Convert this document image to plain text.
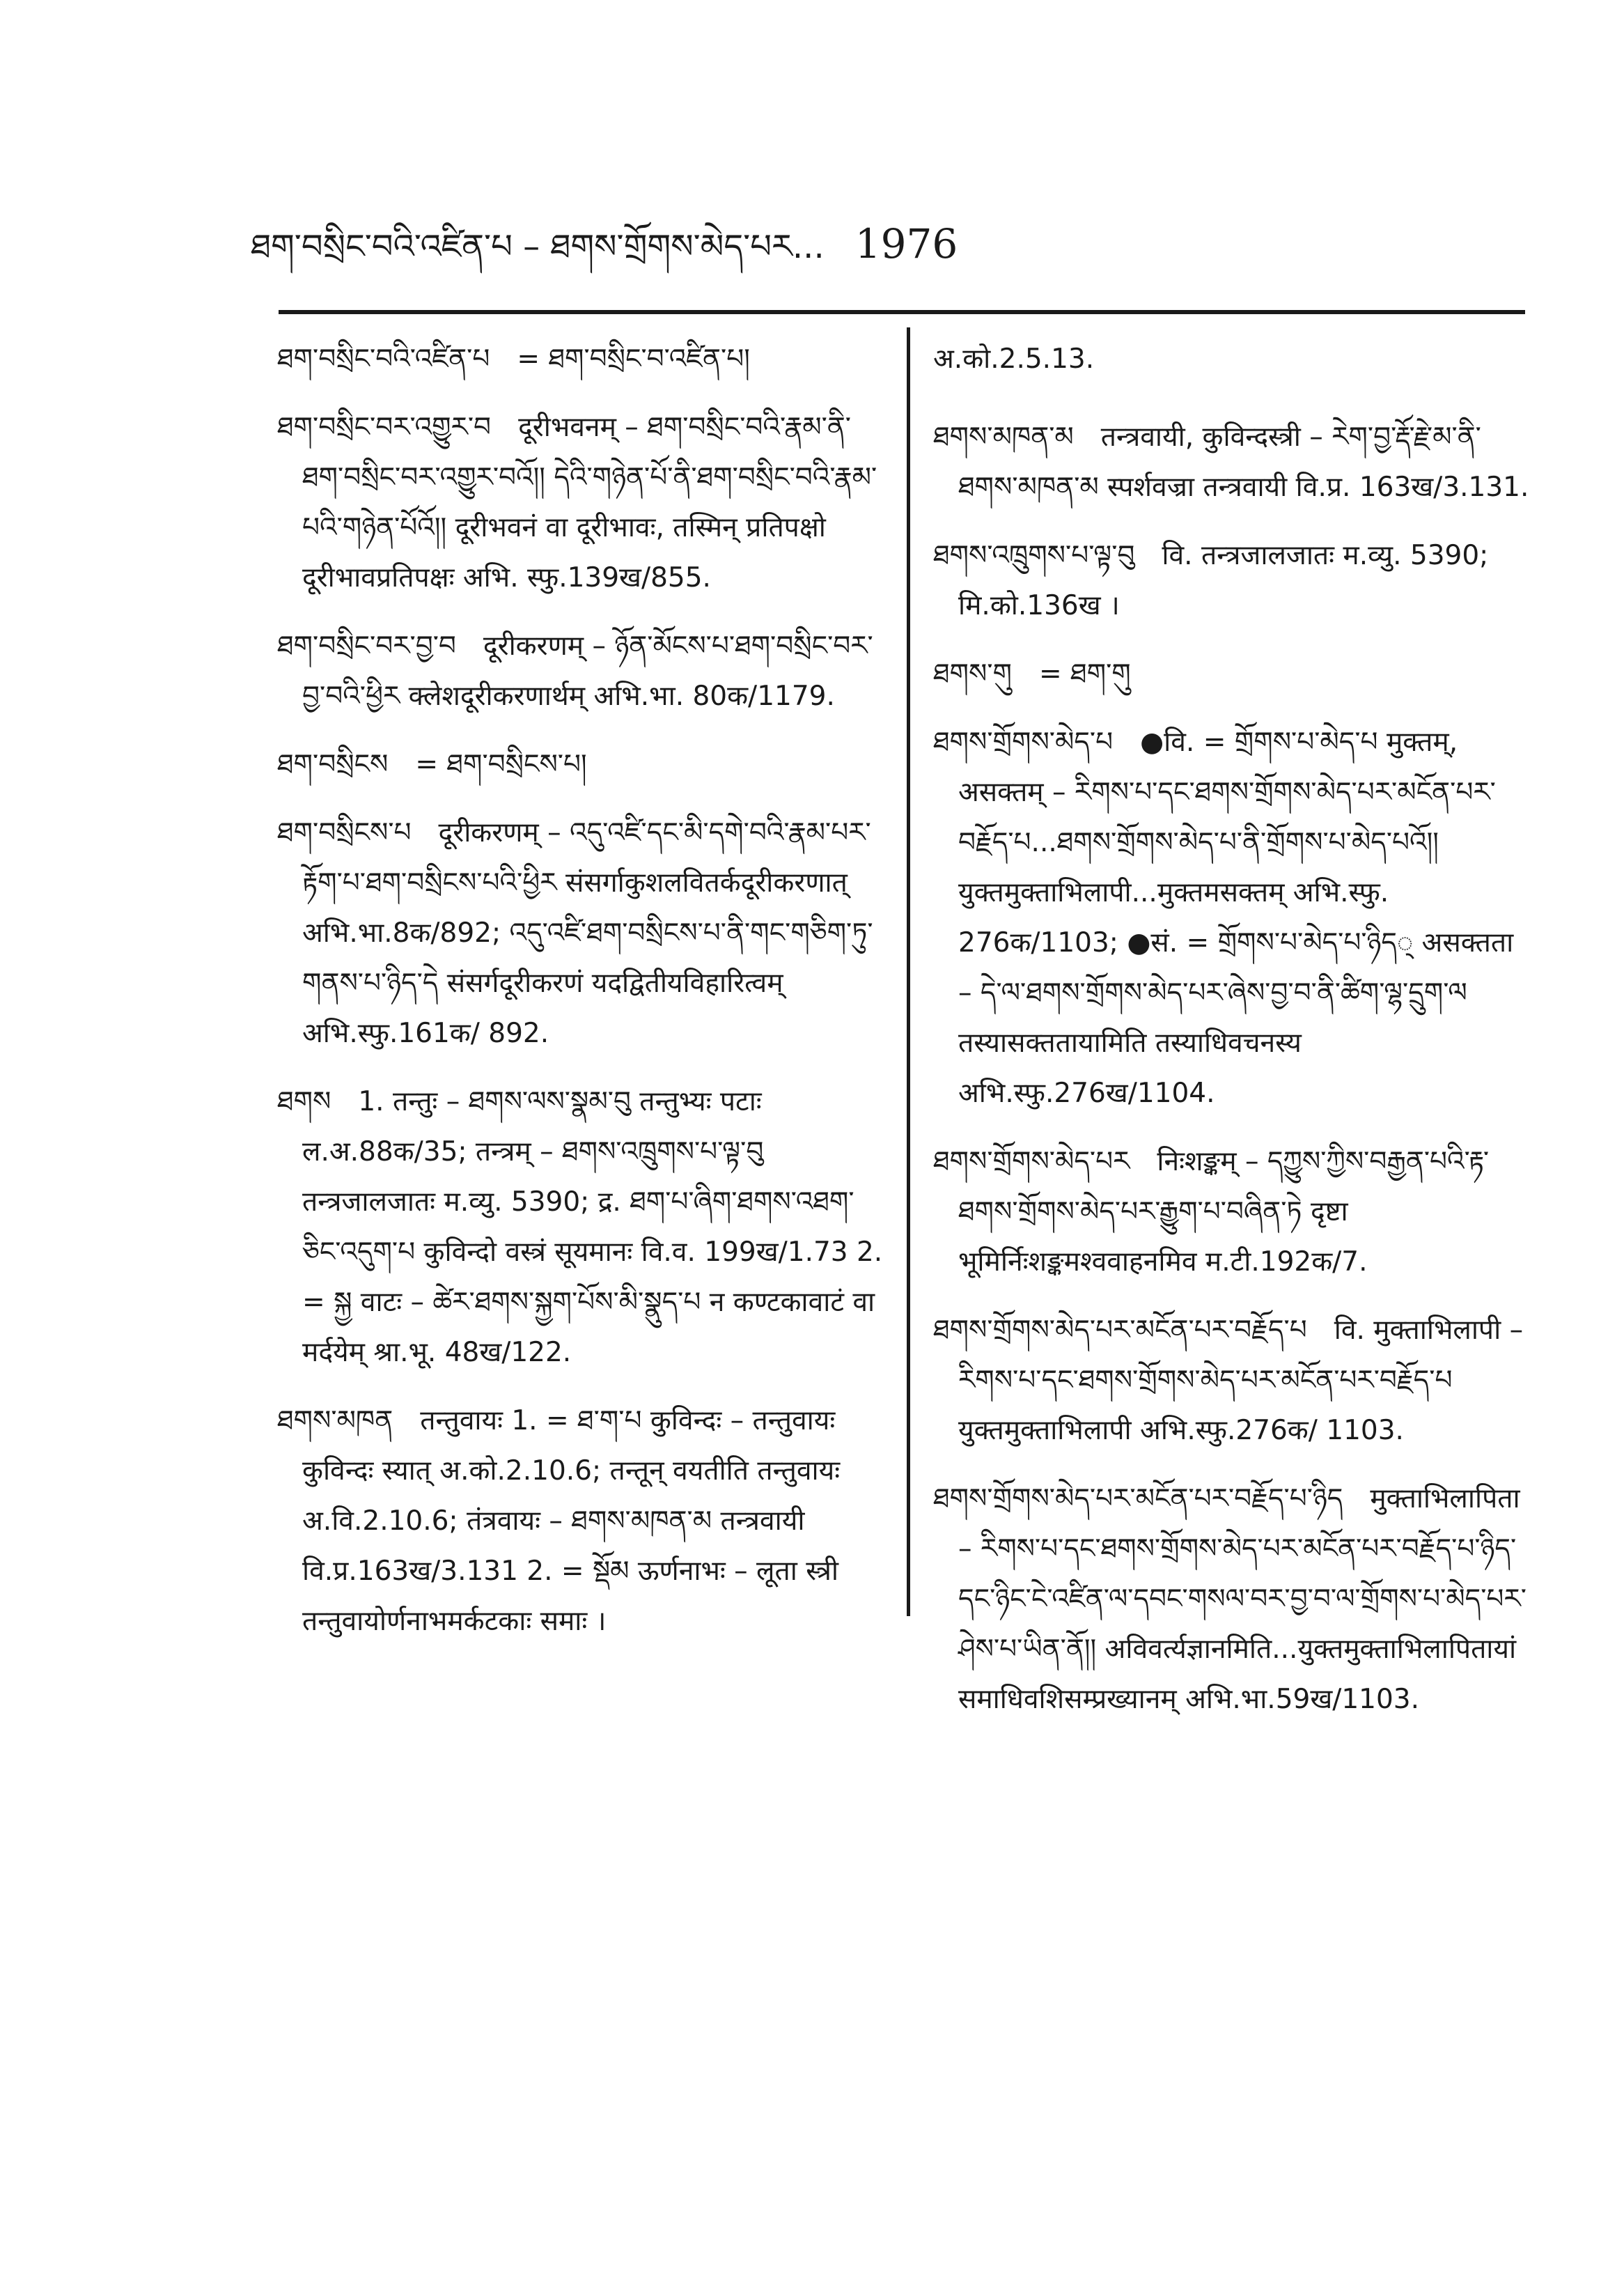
ཐག་བསྲིང་བའི་འཛིན་པ – ཐགས་གྲོགས་མེད་པར... 1976

ཐག་བསྲིང་བའི་འཛིན་པ  = ཐག་བསྲིང་བ་འཛིན་པ།

ཐག་བསྲིང་བར་འགྱུར་བ  दूरीभवनम् – ཐག་བསྲིང་བའི་རྣམ་ནི་ཐག་བསྲིང་བར་འགྱུར་བའོ།། དེའི་གཉེན་པོ་ནི་ཐག་བསྲིང་བའི་རྣམ་པའི་གཉེན་པོའོ།། दूरीभवनं वा दूरीभावः, तस्मिन् प्रतिपक्षो दूरीभावप्रतिपक्षः अभि. स्फु.139ख/855.

ཐག་བསྲིང་བར་བྱ་བ  दूरीकरणम् – ཉོན་མོངས་པ་ཐག་བསྲིང་བར་བྱ་བའི་ཕྱིར क्लेशदूरीकरणार्थम् अभि.भा. 80क/1179.

ཐག་བསྲིངས  = ཐག་བསྲིངས་པ།

ཐག་བསྲིངས་པ  दूरीकरणम् – འདུ་འཛི་དང་མི་དགེ་བའི་རྣམ་པར་རྟོག་པ་ཐག་བསྲིངས་པའི་ཕྱིར संसर्गाकुशलवितर्कदूरीकरणात् अभि.भा.8क/892; འདུ་འཛི་ཐག་བསྲིངས་པ་ནི་གང་གཅིག་ཏུ་གནས་པ་ཉིད་དེ संसर्गदूरीकरणं यदद्वितीयविहारित्वम् अभि.स्फु.161क/ 892.

ཐགས  1. तन्तुः – ཐགས་ལས་སྣམ་བུ तन्तुभ्यः पटाः ल.अ.88क/35; तन्त्रम् – ཐགས་འཁྲུགས་པ་ལྟ་བུ तन्त्रजालजातः म.व्यु. 5390; द्र. ཐག་པ་ཞིག་ཐགས་འཐག་ཅིང་འདུག་པ कुविन्दो वस्त्रं सूयमानः वि.व. 199ख/1.73 2. = སྐྱ वाटः – ཚེར་ཐགས་སྐྱག་པོས་མི་སྣུད་པ न कण्टकावाटं वा मर्दयेम् श्रा.भू. 48ख/122.

ཐགས་མཁན  तन्तुवायः 1. = ཐ་ག་པ कुविन्दः – तन्तुवायः कुविन्दः स्यात् अ.को.2.10.6; तन्तून् वयतीति तन्तुवायः अ.वि.2.10.6; तंत्रवायः – ཐགས་མཁན་མ तन्त्रवायी वि.प्र.163ख/3.131 2. = སྡོམ ऊर्णनाभः – लूता स्त्री तन्तुवायोर्णनाभमर्कटकाः समाः ।

अ.को.2.5.13.

ཐགས་མཁན་མ  तन्त्रवायी, कुविन्दस्त्री – རེག་བྱ་རྡོ་རྗེ་མ་ནི་ཐགས་མཁན་མ स्पर्शवज्रा तन्त्रवायी वि.प्र. 163ख/3.131.

ཐགས་འཁྲུགས་པ་ལྟ་བུ  वि. तन्त्रजालजातः म.व्यु. 5390; मि.को.136ख ।

ཐགས་གུ  = ཐག་གུ

ཐགས་གྲོགས་མེད་པ  ●वि. = གྲོགས་པ་མེད་པ मुक्तम्, असक्तम् – རིགས་པ་དང་ཐགས་གྲོགས་མེད་པར་མངོན་པར་བརྗོད་པ...ཐགས་གྲོགས་མེད་པ་ནི་གྲོགས་པ་མེད་པའོ།། युक्तमुक्ताभिलापी...मुक्तमसक्तम् अभि.स्फु. 276क/1103; ●सं. = གྲོགས་པ་མེད་པ་ཉིད् असक्तता – དེ་ལ་ཐགས་གྲོགས་མེད་པར་ཞེས་བྱ་བ་ནི་ཚིག་ལྷ་དྲུག་ལ तस्यासक्ततायामिति तस्याधिवचनस्य अभि.स्फु.276ख/1104.

ཐགས་གྲོགས་མེད་པར  निःशङ्कम् – དཀྱུས་ཀྱིས་བརྒྱན་པའི་རྟ་ཐགས་གྲོགས་མེད་པར་རྒྱུག་པ་བཞིན་ཏེ दृष्टा भूमिर्निःशङ्कमश्ववाहनमिव म.टी.192क/7.

ཐགས་གྲོགས་མེད་པར་མངོན་པར་བརྗོད་པ  वि. मुक्ताभिलापी – རིགས་པ་དང་ཐགས་གྲོགས་མེད་པར་མངོན་པར་བརྗོད་པ युक्तमुक्ताभिलापी अभि.स्फु.276क/ 1103.

ཐགས་གྲོགས་མེད་པར་མངོན་པར་བརྗོད་པ་ཉིད  मुक्ताभिलापिता – རིགས་པ་དང་ཐགས་གྲོགས་མེད་པར་མངོན་པར་བརྗོད་པ་ཉིད་དང་ཉིང་ངེ་འཛིན་ལ་དབང་གསལ་བར་བྱ་བ་ལ་གྲོགས་པ་མེད་པར་ཤེས་པ་ཡིན་ནོ།། अविवर्त्यज्ञानमिति...युक्तमुक्ताभिलापितायां समाधिवशिसम्प्रख्यानम् अभि.भा.59ख/1103.
